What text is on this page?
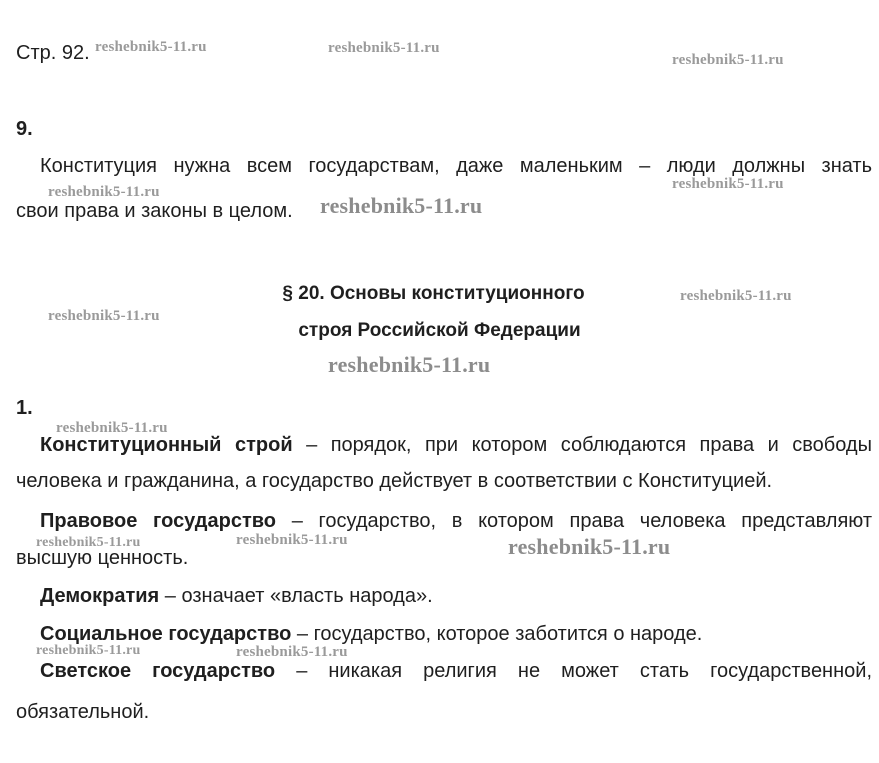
Стр. 92.
9.
Конституция нужна всем государствам, даже маленьким – люди должны знать
свои права и законы в целом.
§ 20. Основы конституционного
строя Российской Федерации
1.
Конституционный строй – порядок, при котором соблюдаются права и свободы
человека и гражданина, а государство действует в соответствии с Конституцией.
Правовое государство – государство, в котором права человека представляют
высшую ценность.
Демократия – означает «власть народа».
Социальное государство – государство, которое заботится о народе.
Светское государство – никакая религия не может стать государственной,
обязательной.
reshebnik5-11.ru	reshebnik5-11.ru
reshebnik5-11.ru
reshebnik5-11.ru	reshebnik5-11.ru
reshebnik5-11.ru
reshebnik5-11.ru
reshebnik5-11.ru
reshebnik5-11.ru
reshebnik5-11.ru
reshebnik5-11.ru	reshebnik5-11.ru	reshebnik5-11.ru
reshebnik5-11.ru	reshebnik5-11.ru
